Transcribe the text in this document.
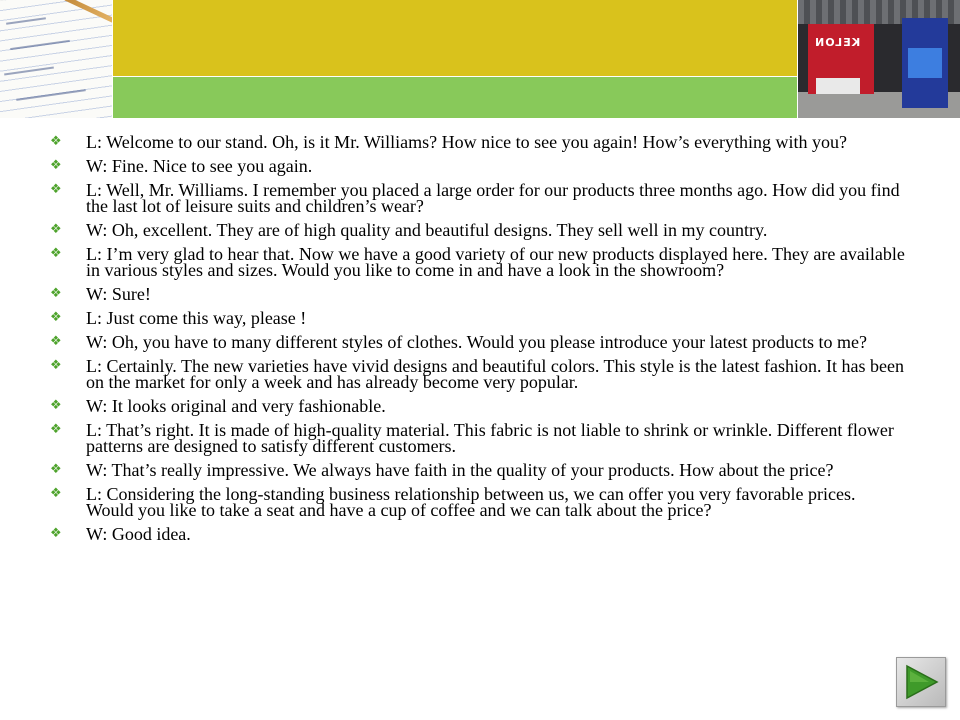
KELON
❖ L: Welcome to our stand. Oh, is it Mr. Williams? How nice to see you again! How’s everything with you?
❖ W: Fine. Nice to see you again.
❖ L: Well, Mr. Williams. I remember you placed a large order for our products three months ago. How did you find the last lot of leisure suits and children’s wear?
❖ W: Oh, excellent. They are of high quality and beautiful designs. They sell well in my country.
❖ L: I’m very glad to hear that. Now we have a good variety of our new products displayed here. They are available in various styles and sizes. Would you like to come in and have a look in the showroom?
❖ W: Sure!
❖ L: Just come this way, please !
❖ W: Oh, you have to many different styles of clothes. Would you please introduce your latest products to me?
❖ L: Certainly. The new varieties have vivid designs and beautiful colors. This style is the latest fashion. It has been on the market for only a week and has already become very popular.
❖ W: It looks original and very fashionable.
❖ L: That’s right. It is made of high-quality material. This fabric is not liable to shrink or wrinkle. Different flower patterns are designed to satisfy different customers.
❖ W: That’s really impressive. We always have faith in the quality of your products. How about the price?
❖ L: Considering the long-standing business relationship between us, we can offer you very favorable prices. Would you like to take a seat and have a cup of coffee and we can talk about the price?
❖ W: Good idea.
